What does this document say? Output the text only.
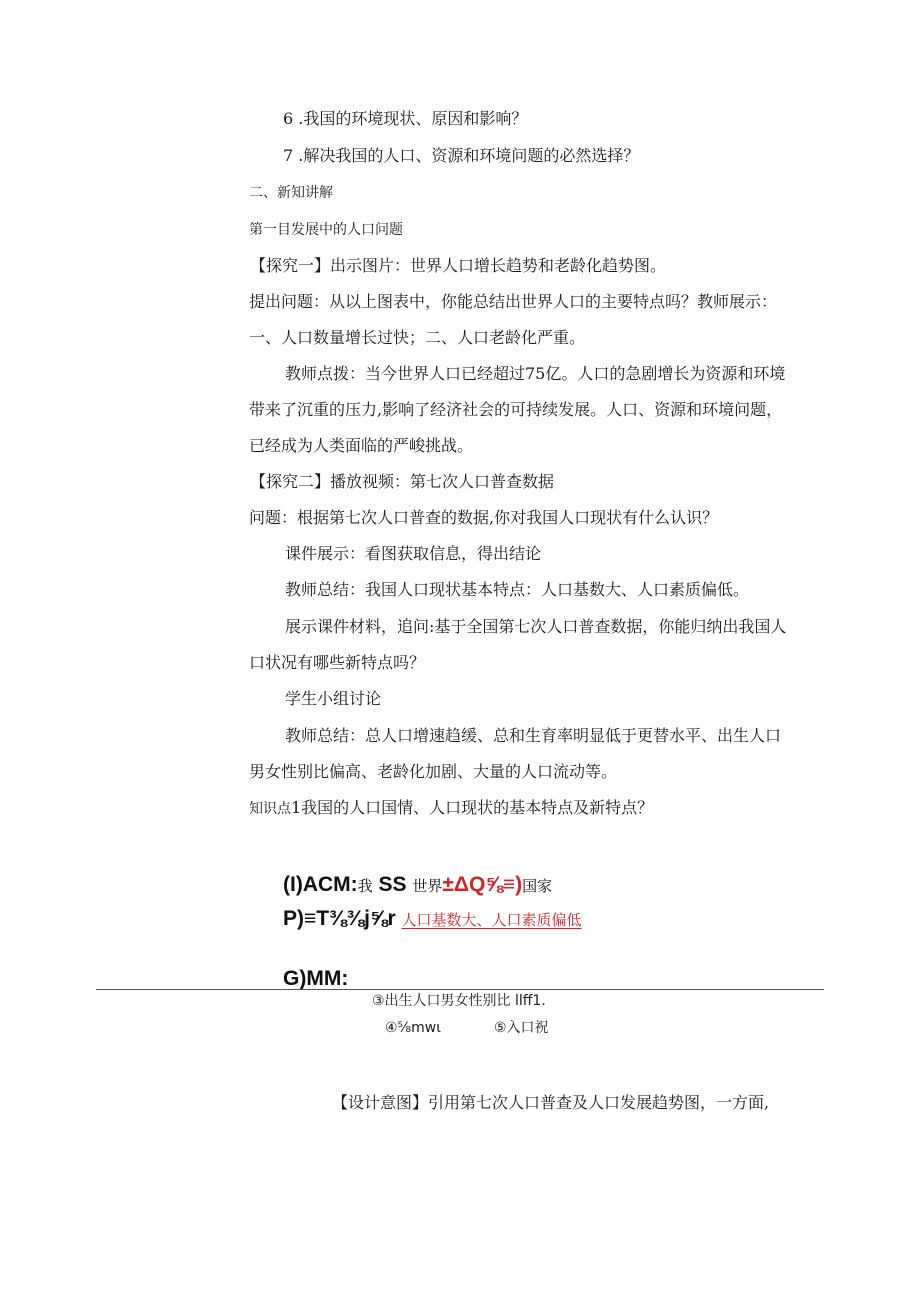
6 .我国的环境现状、原因和影响？
7 .解决我国的人口、资源和环境问题的必然选择？
二、新知讲解
第一目发展中的人口问题
【探究一】出示图片：世界人口增长趋势和老龄化趋势图。
提出问题：从以上图表中，你能总结出世界人口的主要特点吗？教师展示：
一、人口数量增长过快；二、人口老龄化严重。
教师点拨：当今世界人口已经超过75亿。人口的急剧增长为资源和环境
带来了沉重的压力,影响了经济社会的可持续发展。人口、资源和环境问题，
已经成为人类面临的严峻挑战。
【探究二】播放视频：第七次人口普查数据
问题：根据第七次人口普查的数据,你对我国人口现状有什么认识？
课件展示：看图获取信息，得出结论
教师总结：我国人口现状基本特点：人口基数大、人口素质偏低。
展示课件材料，追问:基于全国第七次人口普查数据，你能归纳出我国人
口状况有哪些新特点吗？
学生小组讨论
教师总结：总人口增速趋缓、总和生育率明显低于更替水平、出生人口
男女性别比偏高、老龄化加剧、大量的人口流动等。
知识点1我国的人口国情、人口现状的基本特点及新特点？
(I)ACM:我 SS 世界±ΔQ⅝≡)国家
P)≡T⅜⅜j⅝r 人口基数大、人口素质偏低
G)MM:
③出生人口男女性别比 llff1.
④⅝mwι	⑤入口祝
【设计意图】引用第七次人口普查及人口发展趋势图，一方面,
